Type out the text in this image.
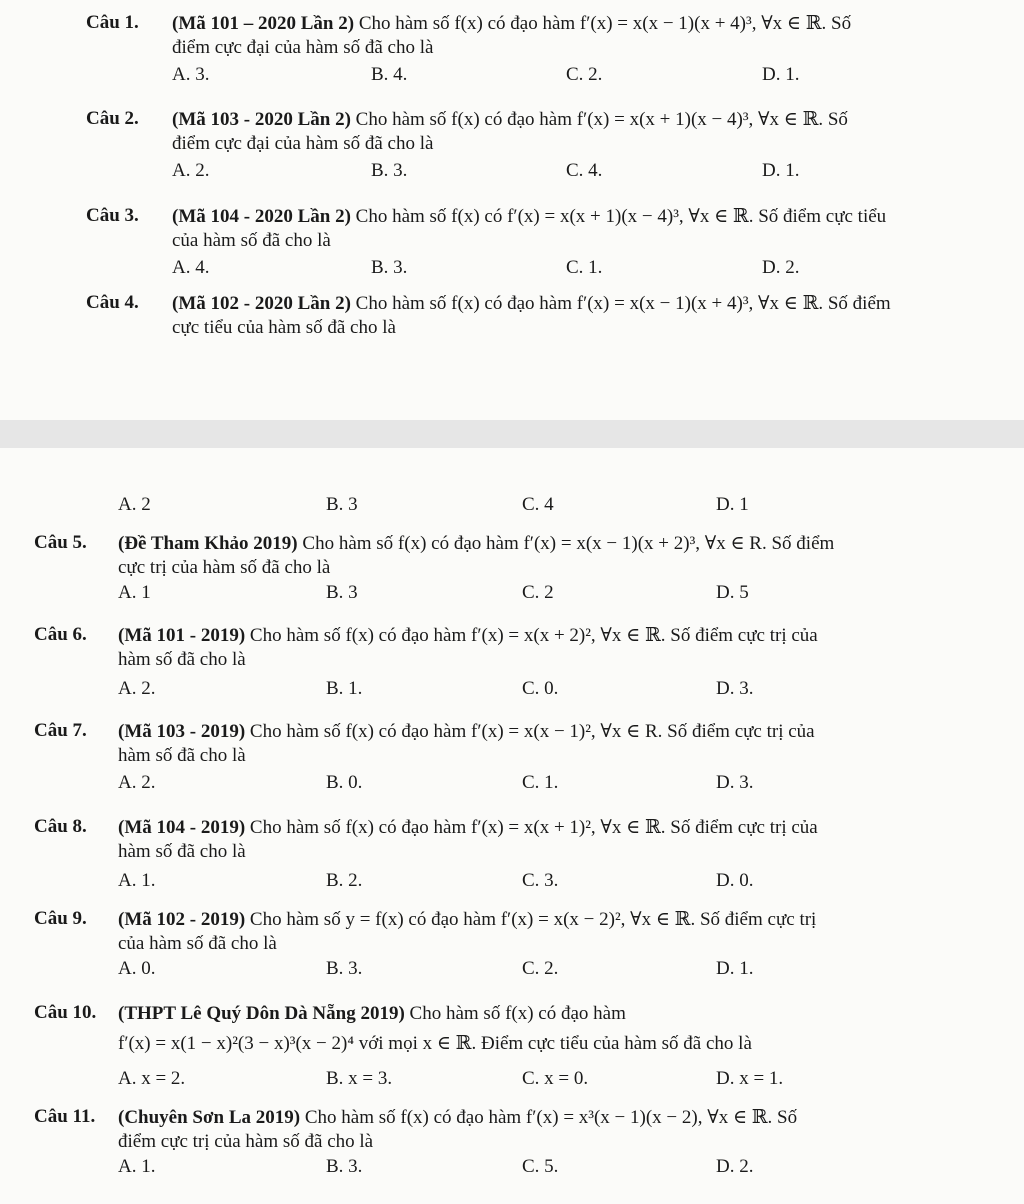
Câu 1. (Mã 101 – 2020 Lần 2) Cho hàm số f(x) có đạo hàm f′(x) = x(x − 1)(x + 4)³, ∀x ∈ ℝ. Số
điểm cực đại của hàm số đã cho là
A. 3.	B. 4.	C. 2.	D. 1.
Câu 2. (Mã 103 - 2020 Lần 2) Cho hàm số f(x) có đạo hàm f′(x) = x(x + 1)(x − 4)³, ∀x ∈ ℝ. Số
điểm cực đại của hàm số đã cho là
A. 2.	B. 3.	C. 4.	D. 1.
Câu 3. (Mã 104 - 2020 Lần 2) Cho hàm số f(x) có f′(x) = x(x + 1)(x − 4)³, ∀x ∈ ℝ. Số điểm cực tiểu
của hàm số đã cho là
A. 4.	B. 3.	C. 1.	D. 2.
Câu 4. (Mã 102 - 2020 Lần 2) Cho hàm số f(x) có đạo hàm f′(x) = x(x − 1)(x + 4)³, ∀x ∈ ℝ. Số điểm
cực tiểu của hàm số đã cho là
A. 2	B. 3	C. 4	D. 1
Câu 5. (Đề Tham Khảo 2019) Cho hàm số f(x) có đạo hàm f′(x) = x(x − 1)(x + 2)³, ∀x ∈ R. Số điểm
cực trị của hàm số đã cho là
A. 1	B. 3	C. 2	D. 5
Câu 6. (Mã 101 - 2019) Cho hàm số f(x) có đạo hàm f′(x) = x(x + 2)², ∀x ∈ ℝ. Số điểm cực trị của
hàm số đã cho là
A. 2.	B. 1.	C. 0.	D. 3.
Câu 7. (Mã 103 - 2019) Cho hàm số f(x) có đạo hàm f′(x) = x(x − 1)², ∀x ∈ R. Số điểm cực trị của
hàm số đã cho là
A. 2.	B. 0.	C. 1.	D. 3.
Câu 8. (Mã 104 - 2019) Cho hàm số f(x) có đạo hàm f′(x) = x(x + 1)², ∀x ∈ ℝ. Số điểm cực trị của
hàm số đã cho là
A. 1.	B. 2.	C. 3.	D. 0.
Câu 9. (Mã 102 - 2019) Cho hàm số y = f(x) có đạo hàm f′(x) = x(x − 2)², ∀x ∈ ℝ. Số điểm cực trị
của hàm số đã cho là
A. 0.	B. 3.	C. 2.	D. 1.
Câu 10. (THPT Lê Quý Dôn Dà Nẵng 2019) Cho hàm số f(x) có đạo hàm
f′(x) = x(1 − x)²(3 − x)³(x − 2)⁴ với mọi x ∈ ℝ. Điểm cực tiểu của hàm số đã cho là
A. x = 2.	B. x = 3.	C. x = 0.	D. x = 1.
Câu 11. (Chuyên Sơn La 2019) Cho hàm số f(x) có đạo hàm f′(x) = x³(x − 1)(x − 2), ∀x ∈ ℝ. Số
điểm cực trị của hàm số đã cho là
A. 1.	B. 3.	C. 5.	D. 2.
